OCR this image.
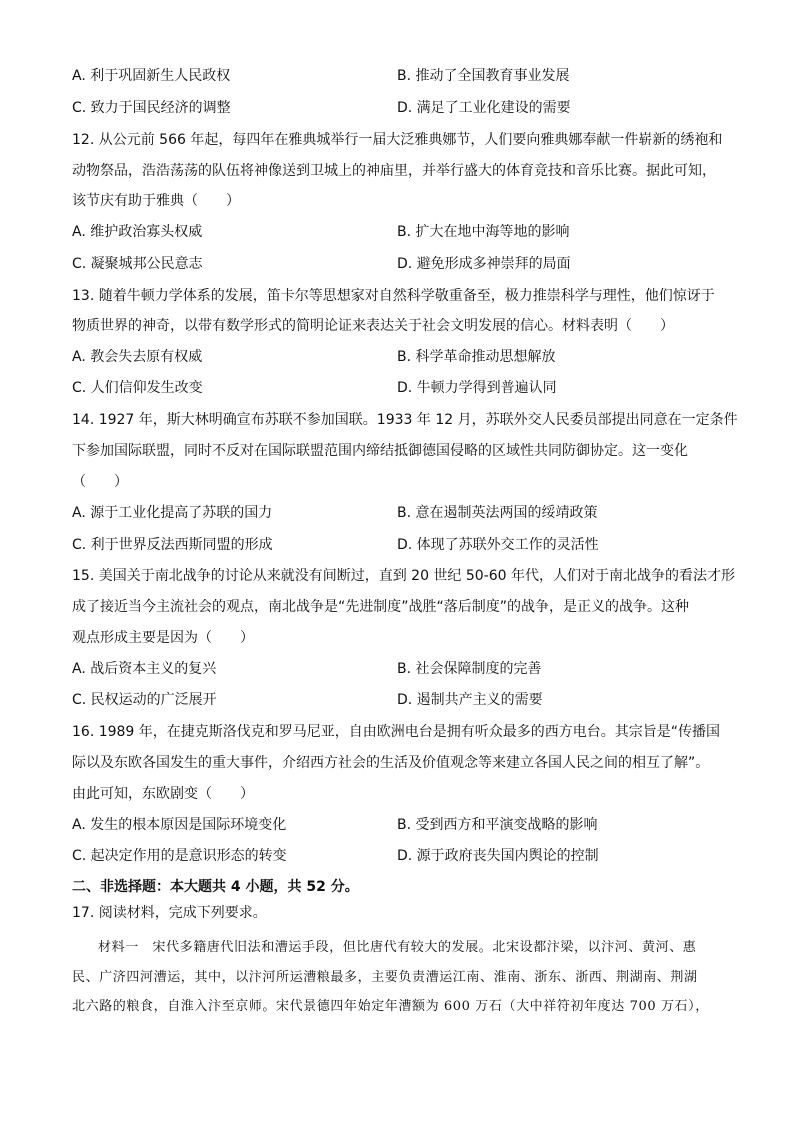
A. 利于巩固新生人民政权	B. 推动了全国教育事业发展
C. 致力于国民经济的调整	D. 满足了工业化建设的需要
12. 从公元前 566 年起，每四年在雅典城举行一届大泛雅典娜节，人们要向雅典娜奉献一件崭新的绣袍和
动物祭品，浩浩荡荡的队伍将神像送到卫城上的神庙里，并举行盛大的体育竞技和音乐比赛。据此可知，
该节庆有助于雅典（　　）
A. 维护政治寡头权威	B. 扩大在地中海等地的影响
C. 凝聚城邦公民意志	D. 避免形成多神崇拜的局面
13. 随着牛顿力学体系的发展，笛卡尔等思想家对自然科学敬重备至，极力推崇科学与理性，他们惊讶于
物质世界的神奇，以带有数学形式的简明论证来表达关于社会文明发展的信心。材料表明（　　）
A. 教会失去原有权威	B. 科学革命推动思想解放
C. 人们信仰发生改变	D. 牛顿力学得到普遍认同
14. 1927 年，斯大林明确宣布苏联不参加国联。1933 年 12 月，苏联外交人民委员部提出同意在一定条件
下参加国际联盟，同时不反对在国际联盟范围内缔结抵御德国侵略的区域性共同防御协定。这一变化
（　　）
A. 源于工业化提高了苏联的国力	B. 意在遏制英法两国的绥靖政策
C. 利于世界反法西斯同盟的形成	D. 体现了苏联外交工作的灵活性
15. 美国关于南北战争的讨论从来就没有间断过，直到 20 世纪 50-60 年代，人们对于南北战争的看法才形
成了接近当今主流社会的观点，南北战争是“先进制度”战胜“落后制度”的战争，是正义的战争。这种
观点形成主要是因为（　　）
A. 战后资本主义的复兴	B. 社会保障制度的完善
C. 民权运动的广泛展开	D. 遏制共产主义的需要
16. 1989 年，在捷克斯洛伐克和罗马尼亚，自由欧洲电台是拥有听众最多的西方电台。其宗旨是“传播国
际以及东欧各国发生的重大事件，介绍西方社会的生活及价值观念等来建立各国人民之间的相互了解”。
由此可知，东欧剧变（　　）
A. 发生的根本原因是国际环境变化	B. 受到西方和平演变战略的影响
C. 起决定作用的是意识形态的转变	D. 源于政府丧失国内舆论的控制
二、非选择题：本大题共 4 小题，共 52 分。
17. 阅读材料，完成下列要求。
材料一　宋代多籍唐代旧法和漕运手段，但比唐代有较大的发展。北宋设都汴梁，以汴河、黄河、惠
民、广济四河漕运，其中，以汴河所运漕粮最多，主要负责漕运江南、淮南、浙东、浙西、荆湖南、荆湖
北六路的粮食，自淮入汴至京师。宋代景德四年始定年漕额为 600 万石（大中祥符初年度达 700 万石），
